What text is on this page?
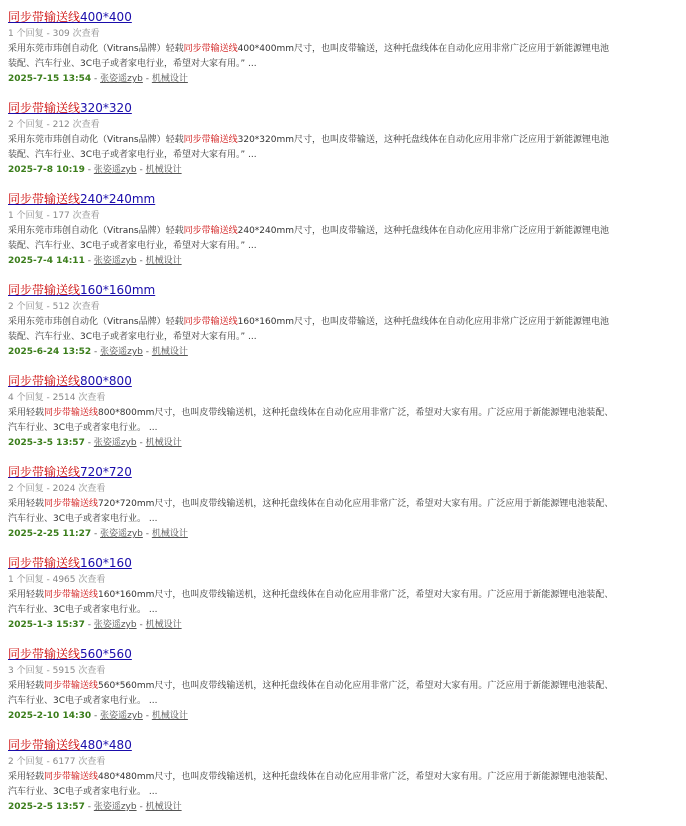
同步带输送线400*400
1 个回复 - 309 次查看
采用东莞市玮创自动化（Vitrans品牌）轻载同步带输送线400*400mm尺寸，也叫皮带输送，这种托盘线体在自动化应用非常广泛应用于新能源锂电池装配、汽车行业、3C电子或者家电行业，希望对大家有用。” ...
2025-7-15 13:54 - 张姿遥zyb - 机械设计
同步带输送线320*320
2 个回复 - 212 次查看
采用东莞市玮创自动化（Vitrans品牌）轻载同步带输送线320*320mm尺寸，也叫皮带输送，这种托盘线体在自动化应用非常广泛应用于新能源锂电池装配、汽车行业、3C电子或者家电行业，希望对大家有用。” ...
2025-7-8 10:19 - 张姿遥zyb - 机械设计
同步带输送线240*240mm
1 个回复 - 177 次查看
采用东莞市玮创自动化（Vitrans品牌）轻载同步带输送线240*240mm尺寸，也叫皮带输送，这种托盘线体在自动化应用非常广泛应用于新能源锂电池装配、汽车行业、3C电子或者家电行业，希望对大家有用。” ...
2025-7-4 14:11 - 张姿遥zyb - 机械设计
同步带输送线160*160mm
2 个回复 - 512 次查看
采用东莞市玮创自动化（Vitrans品牌）轻载同步带输送线160*160mm尺寸，也叫皮带输送，这种托盘线体在自动化应用非常广泛应用于新能源锂电池装配、汽车行业、3C电子或者家电行业，希望对大家有用。” ...
2025-6-24 13:52 - 张姿遥zyb - 机械设计
同步带输送线800*800
4 个回复 - 2514 次查看
采用轻载同步带输送线800*800mm尺寸，也叫皮带线输送机，这种托盘线体在自动化应用非常广泛，希望对大家有用。广泛应用于新能源锂电池装配、汽车行业、3C电子或者家电行业。 ...
2025-3-5 13:57 - 张姿遥zyb - 机械设计
同步带输送线720*720
2 个回复 - 2024 次查看
采用轻载同步带输送线720*720mm尺寸，也叫皮带线输送机，这种托盘线体在自动化应用非常广泛，希望对大家有用。广泛应用于新能源锂电池装配、汽车行业、3C电子或者家电行业。 ...
2025-2-25 11:27 - 张姿遥zyb - 机械设计
同步带输送线160*160
1 个回复 - 4965 次查看
采用轻载同步带输送线160*160mm尺寸，也叫皮带线输送机，这种托盘线体在自动化应用非常广泛，希望对大家有用。广泛应用于新能源锂电池装配、汽车行业、3C电子或者家电行业。 ...
2025-1-3 15:37 - 张姿遥zyb - 机械设计
同步带输送线560*560
3 个回复 - 5915 次查看
采用轻载同步带输送线560*560mm尺寸，也叫皮带线输送机，这种托盘线体在自动化应用非常广泛，希望对大家有用。广泛应用于新能源锂电池装配、汽车行业、3C电子或者家电行业。 ...
2025-2-10 14:30 - 张姿遥zyb - 机械设计
同步带输送线480*480
2 个回复 - 6177 次查看
采用轻载同步带输送线480*480mm尺寸，也叫皮带线输送机，这种托盘线体在自动化应用非常广泛，希望对大家有用。广泛应用于新能源锂电池装配、汽车行业、3C电子或者家电行业。 ...
2025-2-5 13:57 - 张姿遥zyb - 机械设计
